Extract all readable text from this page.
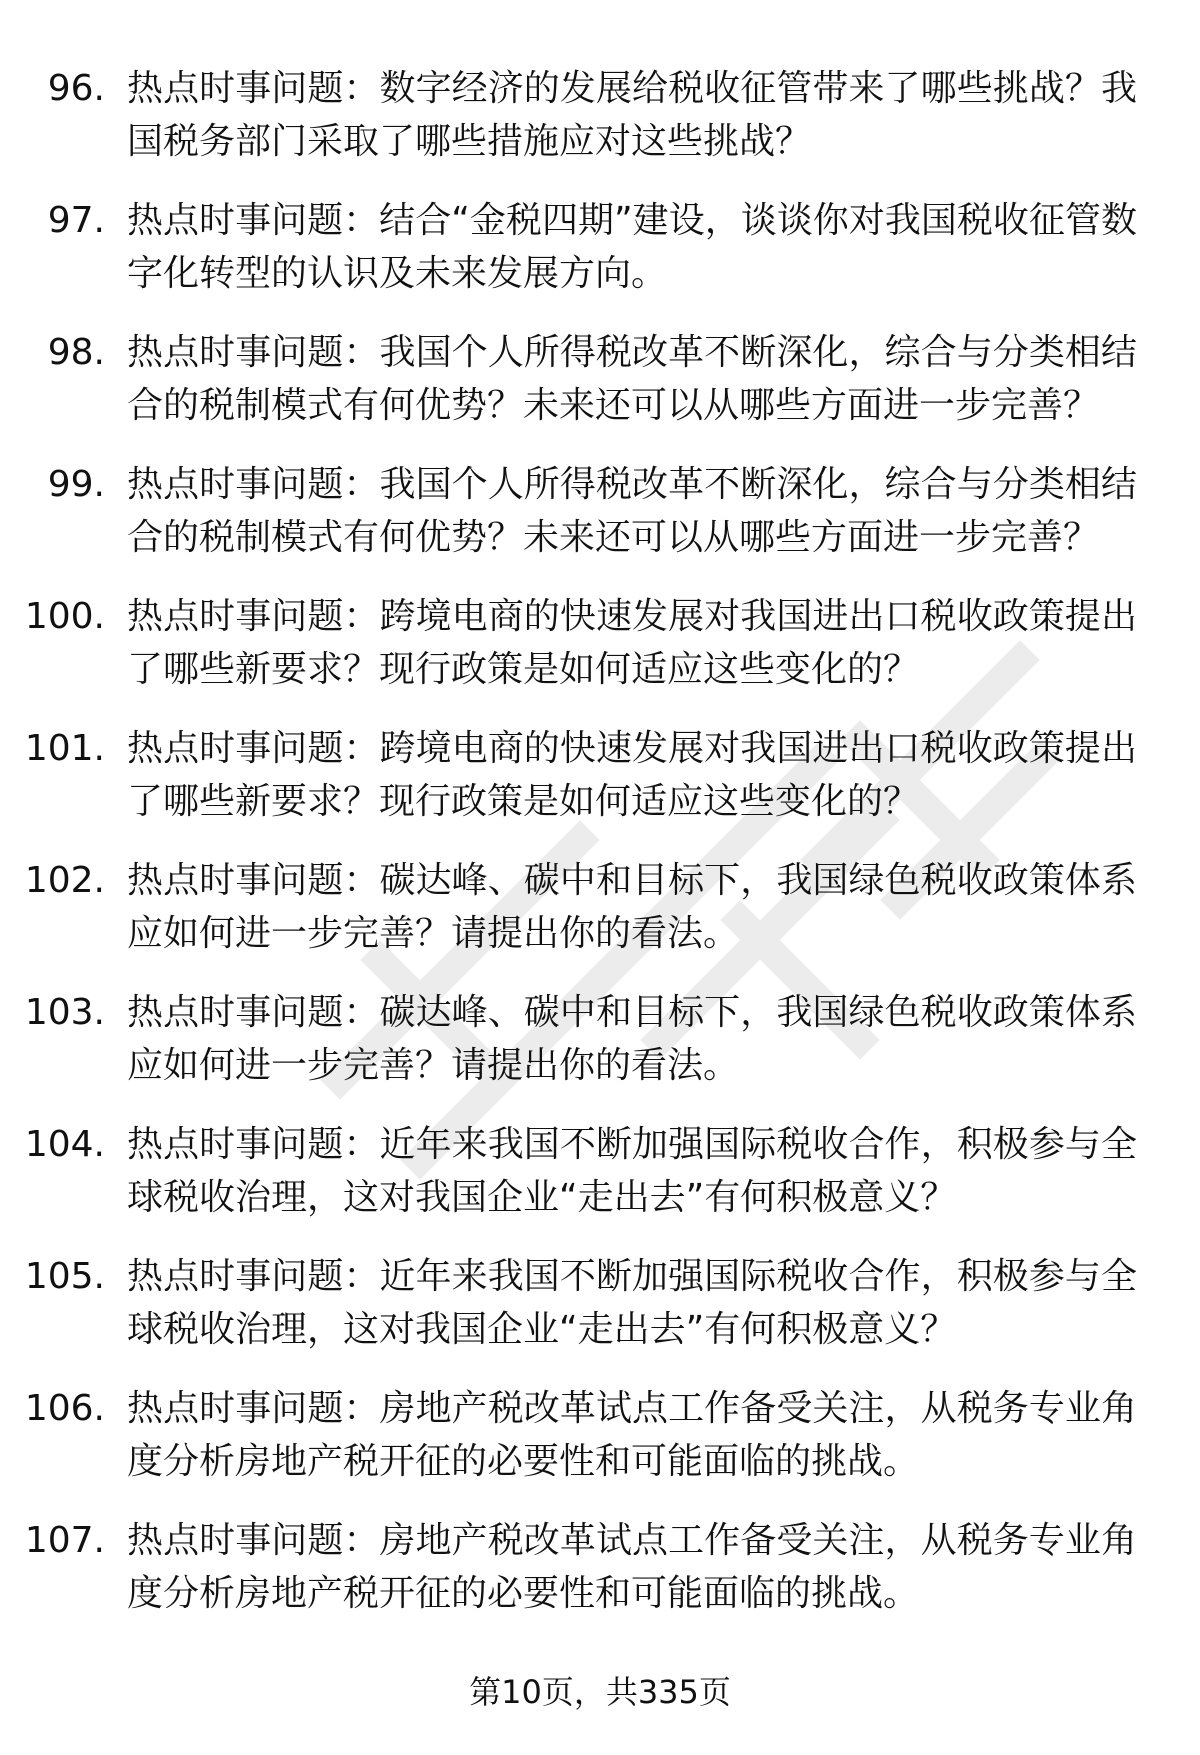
96. 热点时事问题：数字经济的发展给税收征管带来了哪些挑战？我国税务部门采取了哪些措施应对这些挑战？
97. 热点时事问题：结合“金税四期”建设，谈谈你对我国税收征管数字化转型的认识及未来发展方向。
98. 热点时事问题：我国个人所得税改革不断深化，综合与分类相结合的税制模式有何优势？未来还可以从哪些方面进一步完善？
99. 热点时事问题：我国个人所得税改革不断深化，综合与分类相结合的税制模式有何优势？未来还可以从哪些方面进一步完善？
100. 热点时事问题：跨境电商的快速发展对我国进出口税收政策提出了哪些新要求？现行政策是如何适应这些变化的？
101. 热点时事问题：跨境电商的快速发展对我国进出口税收政策提出了哪些新要求？现行政策是如何适应这些变化的？
102. 热点时事问题：碳达峰、碳中和目标下，我国绿色税收政策体系应如何进一步完善？请提出你的看法。
103. 热点时事问题：碳达峰、碳中和目标下，我国绿色税收政策体系应如何进一步完善？请提出你的看法。
104. 热点时事问题：近年来我国不断加强国际税收合作，积极参与全球税收治理，这对我国企业“走出去”有何积极意义？
105. 热点时事问题：近年来我国不断加强国际税收合作，积极参与全球税收治理，这对我国企业“走出去”有何积极意义？
106. 热点时事问题：房地产税改革试点工作备受关注，从税务专业角度分析房地产税开征的必要性和可能面临的挑战。
107. 热点时事问题：房地产税改革试点工作备受关注，从税务专业角度分析房地产税开征的必要性和可能面临的挑战。
第10页，共335页
